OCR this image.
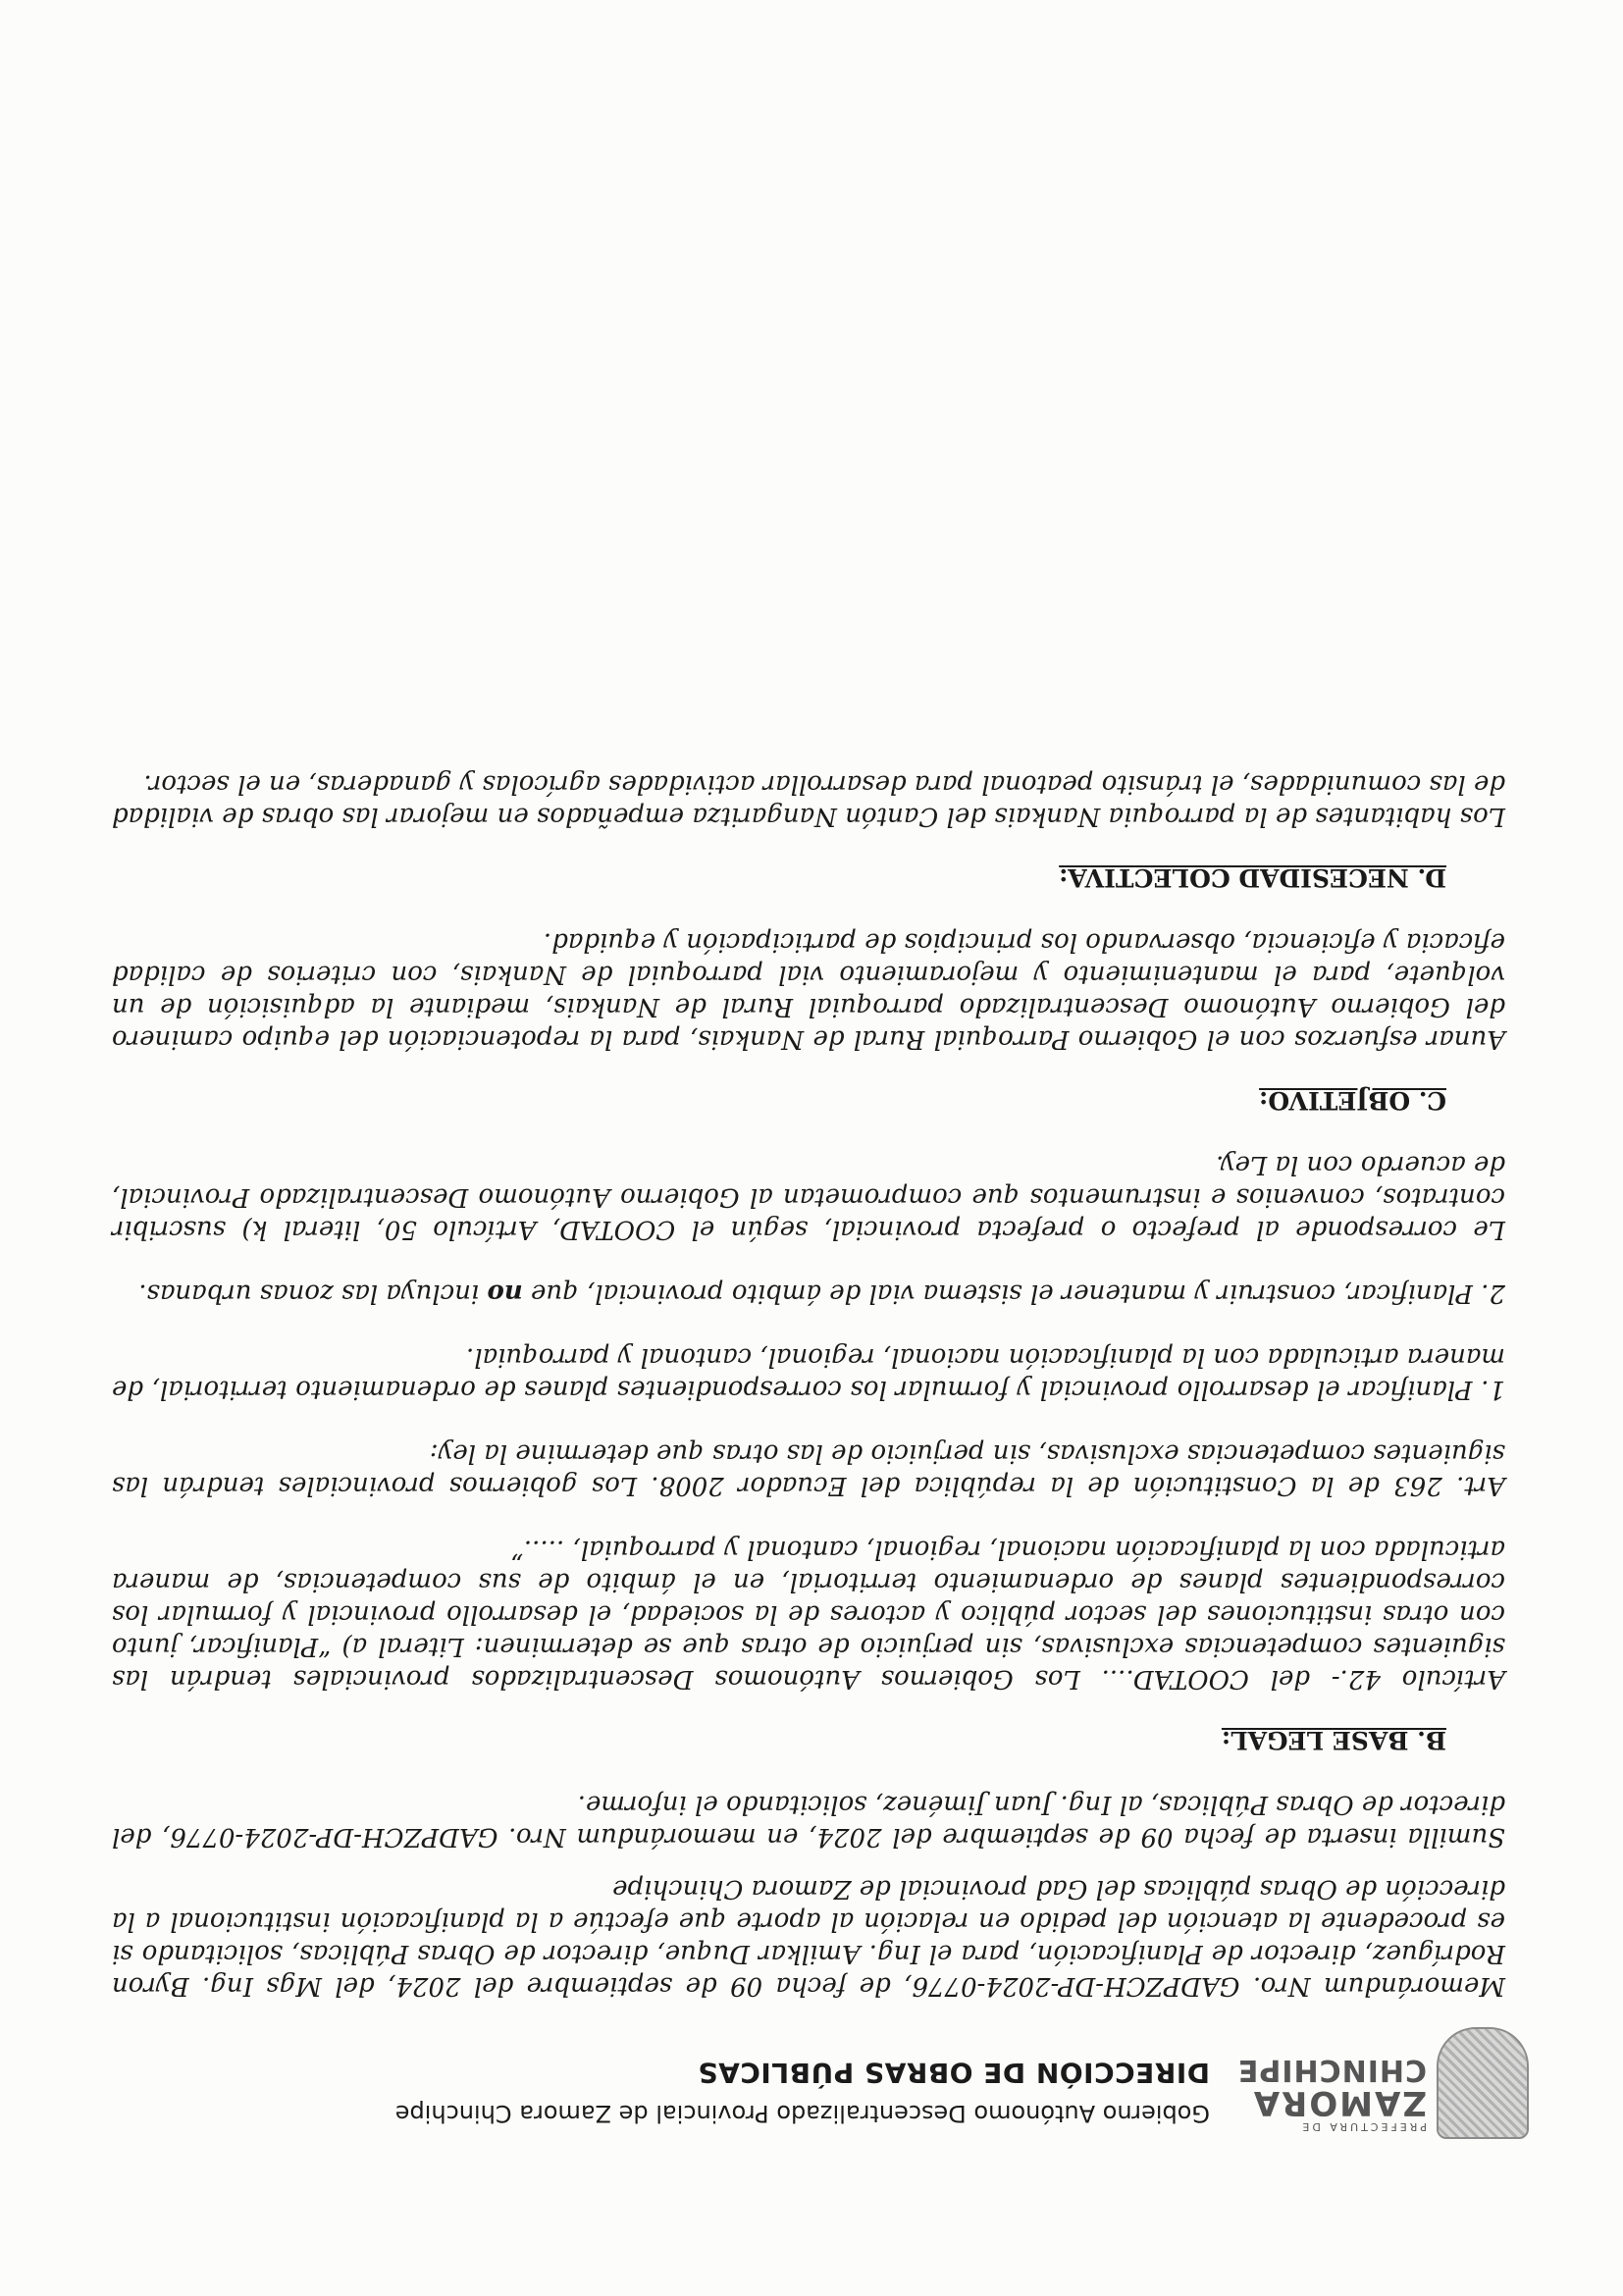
PREFECTURA DE
ZAMORA
CHINCHIPE
Gobierno Autónomo Descentralizado Provincial de Zamora Chinchipe
DIRECCIÓN DE OBRAS PÚBLICAS

Memorándum Nro. GADPZCH-DP-2024-0776, de fecha 09 de septiembre del 2024, del Mgs Ing. Byron Rodríguez, director de Planificación, para el Ing. Amilkar Duque, director de Obras Públicas, solicitando si es procedente la atención del pedido en relación al aporte que efectúe a la planificación institucional a la dirección de Obras públicas del Gad provincial de Zamora Chinchipe

Sumilla inserta de fecha 09 de septiembre del 2024, en memorándum Nro. GADPZCH-DP-2024-0776, del director de Obras Públicas, al Ing. Juan Jiménez, solicitando el informe.

B. BASE LEGAL:

Artículo 42.- del COOTAD.... Los Gobiernos Autónomos Descentralizados provinciales tendrán las siguientes competencias exclusivas, sin perjuicio de otras que se determinen: Literal a) “Planificar, junto con otras instituciones del sector público y actores de la sociedad, el desarrollo provincial y formular los correspondientes planes de ordenamiento territorial, en el ámbito de sus competencias, de manera articulada con la planificación nacional, regional, cantonal y parroquial, .....”

Art. 263 de la Constitución de la república del Ecuador 2008. Los gobiernos provinciales tendrán las siguientes competencias exclusivas, sin perjuicio de las otras que determine la ley:

1. Planificar el desarrollo provincial y formular los correspondientes planes de ordenamiento territorial, de manera articulada con la planificación nacional, regional, cantonal y parroquial.

2. Planificar, construir y mantener el sistema vial de ámbito provincial, que no incluya las zonas urbanas.

Le corresponde al prefecto o prefecta provincial, según el COOTAD, Artículo 50, literal k) suscribir contratos, convenios e instrumentos que comprometan al Gobierno Autónomo Descentralizado Provincial, de acuerdo con la Ley.

C. OBJETIVO:

Aunar esfuerzos con el Gobierno Parroquial Rural de Nankais, para la repotenciación del equipo caminero del Gobierno Autónomo Descentralizado parroquial Rural de Nankais, mediante la adquisición de un volquete, para el mantenimiento y mejoramiento vial parroquial de Nankais, con criterios de calidad eficacia y eficiencia, observando los principios de participación y equidad.

D. NECESIDAD COLECTIVA:

Los habitantes de la parroquia Nankais del Cantón Nangaritza empeñados en mejorar las obras de vialidad de las comunidades, el tránsito peatonal para desarrollar actividades agrícolas y ganaderas, en el sector.
